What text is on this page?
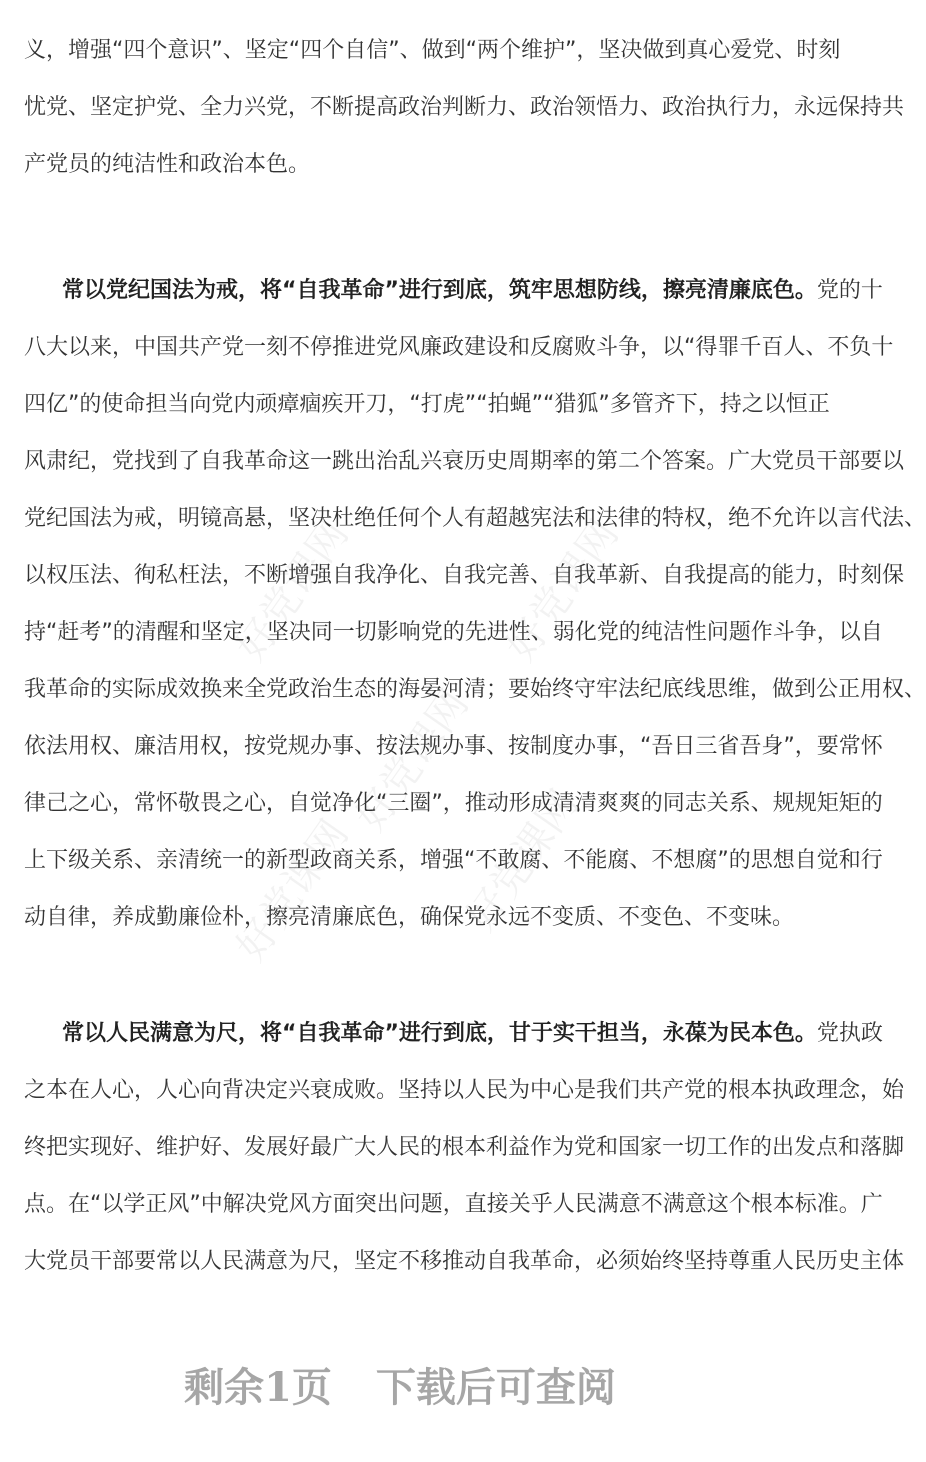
好党课网	好党课网
好党课网
好党课网	好党课网
义，增强“四个意识”、坚定“四个自信”、做到“两个维护”，坚决做到真心爱党、时刻
忧党、坚定护党、全力兴党，不断提高政治判断力、政治领悟力、政治执行力，永远保持共
产党员的纯洁性和政治本色。
常以党纪国法为戒，将“自我革命”进行到底，筑牢思想防线，擦亮清廉底色。党的十
八大以来，中国共产党一刻不停推进党风廉政建设和反腐败斗争，以“得罪千百人、不负十
四亿”的使命担当向党内顽瘴痼疾开刀，“打虎”“拍蝇”“猎狐”多管齐下，持之以恒正
风肃纪，党找到了自我革命这一跳出治乱兴衰历史周期率的第二个答案。广大党员干部要以
党纪国法为戒，明镜高悬，坚决杜绝任何个人有超越宪法和法律的特权，绝不允许以言代法、
以权压法、徇私枉法，不断增强自我净化、自我完善、自我革新、自我提高的能力，时刻保
持“赶考”的清醒和坚定，坚决同一切影响党的先进性、弱化党的纯洁性问题作斗争，以自
我革命的实际成效换来全党政治生态的海晏河清；要始终守牢法纪底线思维，做到公正用权、
依法用权、廉洁用权，按党规办事、按法规办事、按制度办事，“吾日三省吾身”，要常怀
律己之心，常怀敬畏之心，自觉净化“三圈”，推动形成清清爽爽的同志关系、规规矩矩的
上下级关系、亲清统一的新型政商关系，增强“不敢腐、不能腐、不想腐”的思想自觉和行
动自律，养成勤廉俭朴，擦亮清廉底色，确保党永远不变质、不变色、不变味。
常以人民满意为尺，将“自我革命”进行到底，甘于实干担当，永葆为民本色。党执政
之本在人心，人心向背决定兴衰成败。坚持以人民为中心是我们共产党的根本执政理念，始
终把实现好、维护好、发展好最广大人民的根本利益作为党和国家一切工作的出发点和落脚
点。在“以学正风”中解决党风方面突出问题，直接关乎人民满意不满意这个根本标准。广
大党员干部要常以人民满意为尺，坚定不移推动自我革命，必须始终坚持尊重人民历史主体
剩余1页 下载后可查阅
